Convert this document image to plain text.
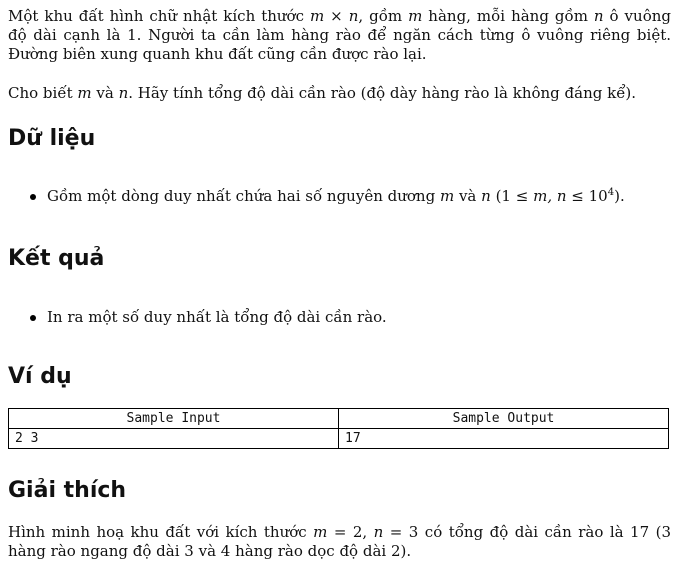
Một khu đất hình chữ nhật kích thước m × n, gồm m hàng, mỗi hàng gồm n ô vuông độ dài cạnh là 1. Người ta cần làm hàng rào để ngăn cách từng ô vuông riêng biệt. Đường biên xung quanh khu đất cũng cần được rào lại.

Cho biết m và n. Hãy tính tổng độ dài cần rào (độ dày hàng rào là không đáng kể).

Dữ liệu
Gồm một dòng duy nhất chứa hai số nguyên dương m và n (1 ≤ m, $n \le 10^4$).
Kết quả
In ra một số duy nhất là tổng độ dài cần rào.
Ví dụ
Sample Input	Sample Output
2 3	17
Giải thích

Hình minh hoạ khu đất với kích thước m = 2, n = 3 có tổng độ dài cần rào là 17 (3 hàng rào ngang độ dài 3 và 4 hàng rào dọc độ dài 2).
